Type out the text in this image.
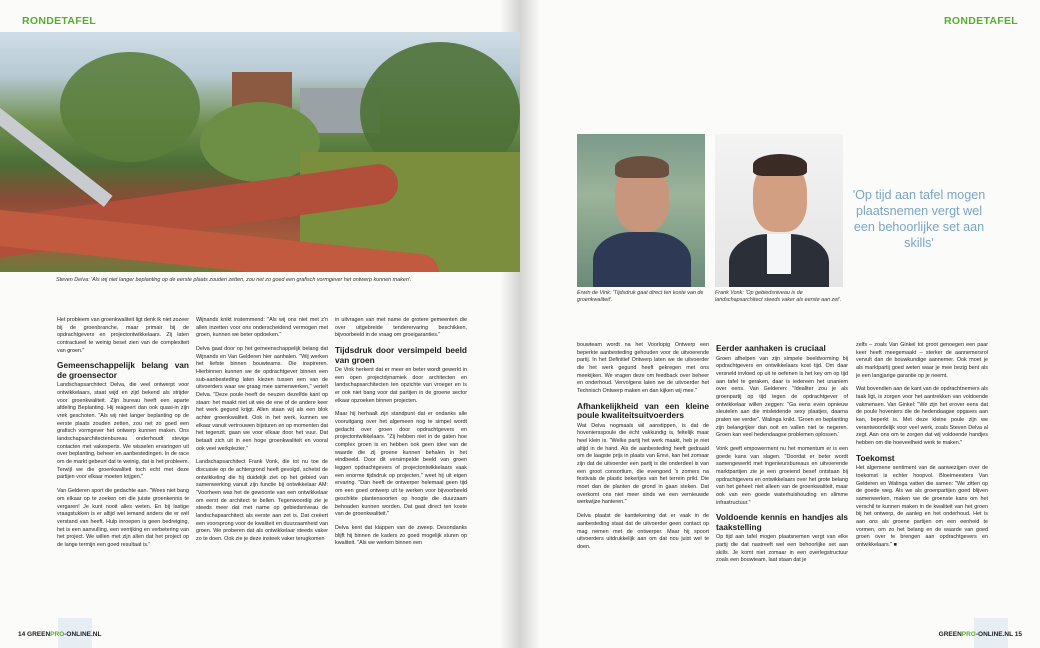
RONDETAFEL
Steven Delva: 'Als wij niet langer beplanting op de eerste plaats zouden zetten, zou net zo goed een grafisch vormgever het ontwerp kunnen maken'.

Het probleem van groenkwaliteit ligt denk ik niet zozeer bij de groenbranche, maar primair bij de opdrachtgevers en projectontwikkelaars. Zij laten contractueel te weinig beset zien van de complexiteit van groen."

Gemeenschappelijk belang van de groensector

Landschapsarchitect Delva, die veel ontwerpt voor ontwikkelaars, staat wijd en zijd bekend als strijder voor groenkwaliteit. Zijn bureau heeft een aparte afdeling Beplanting. Hij reageert dan ook quasi-in zijn vrek geschoten. "Als wij niet langer beplanting op de eerste plaats zouden zetten, zou net zo goed een grafisch vormgever het ontwerp kunnen maken. Ons landschapsarchitectenbureau onderhoudt stevige contacten met vakexperts. We wisselen ervaringen uit over beplanting, beheer en aanbestedingen. In de race om de markt gebeurt dat te weinig, dat is het probleem. Terwijl we die groenkwaliteit toch echt met deze partijen voor elkaar moeten krijgen."

Van Gelderen sport die gedachte aan. "Wees niet bang om elkaar op te zoeken om die juiste groenkennis te vergaren! Je kunt nooit alles weten. En bij lastige vraagstukken is er altijd wel iemand anders die er wél verstand van heeft. Hulp inroepen is geen bedreiging, het is een aanvulling, een verrijking en verbetering van het project. We willen met zijn allen dat het project op de lange termijn een goed resultaat is."

Wijnands knikt instemmend: "Als wij ons niet met z'n allen inzetten voor ons onderscheidend vermogen met groen, kunnen we beter opdoeken."

Delva gaat door op het gemeenschappelijk belang dat Wijnands en Van Gelderen hier aanhalen. "Wij werken het liefste binnen bouwteams. Die inspireren. Hierbinnen kunnen we de opdrachtgever binnen een sub-aanbesteding laten kiezen tussen een van de uitvoerders waar we graag mee samenwerken," vertelt Delva. "Deze poule heeft de neuzen dezelfde kant op staan: het maakt niet uit wie de ene of de andere keer het werk gegund krijgt. Allen staan wij als een blok achter groenkwaliteit. Ook in het werk, kunnen we elkaar vanuit vertrouwen bijsturen en op momenten dat het tegenzit, gaan we voor elkaar door het vuur. Dat betaalt zich uit in een hoge groenkwaliteit en vooral ook veel werkplezier."

Landschapsarchitect Frank Vonk, die tot nu toe de discussie op de achtergrond heeft gevolgd, schetst de ontwikkeling die hij duidelijk ziet op het gebied van samenwerking vanuit zijn functie bij ontwikkelaar AM: "Voorheen was het de gewoonte van een ontwikkelaar om eerst de architect te bellen. Tegenwoordig zie je steeds meer dat met name op gebiedsniveau de landschapsarchitect als eerste aan zet is. Dat creëert een voorsprong voor de kwaliteit en duurzaamheid van groen. We proberen dat als ontwikkelaar steeds vaker zo te doen. Ook zie je deze insteek vaker terugkomen

in uitvragen van met name de grotere gemeenten die over uitgebreide tenderervaring beschikken, bijvoorbeeld in de vraag om groeigaranties."

Tijdsdruk door versimpeld beeld van groen

De Vink herkent dat er meer en beter wordt gewerkt in een open projectdynamiek door architecten en landschapsarchitecten ten opzichte van vroeger en is er ook niet bang voor dat partijen in de groene sector elkaar opzoeken binnen projecten.

Maar hij herhaalt zijn standpunt dat er ondanks alle vooruitgang over het algemeen nog te simpel wordt gedacht over groen door opdrachtgevers en projectontwikkelaars. "Zij hebben niet in de gaten hoe complex groen is en hebben ook geen idee van de waarde die zij groene kunnen behalen in het eindbeeld. Door dit versimpelde beeld van groen leggen opdrachtgevers of projectontwikkelaars vaak een enorme tijdsdruk op projecten," weet hij uit eigen ervaring. "Dan heeft de ontwerper helemaal geen tijd om een goed ontwerp uit te werken voor bijvoorbeeld geschikte plantensoorten op hoogte die duurzaam behoaden kunnen worden. Dat gaat direct ten koste van de groenkwaliteit."

Delva kent dat klappen van de zweep. Desondanks blijft hij binnen de kaders zo goed mogelijk sturen op kwaliteit. "Als we werken binnen een

14 GREENPRO-ONLINE.NL
RONDETAFEL
Erwin de Vink: 'Tijdsdruk gaat direct ten koste van de groenkwaliteit'.
Frank Vonk: 'Op gebiedsniveau is de landschapsarchitect steeds vaker als eerste aan zet'.
'Op tijd aan tafel mogen plaatsnemen vergt wel een behoorlijke set aan skills'

bouwteam wordt na het Voorlopig Ontwerp een beperkte aanbesteding gehouden voor de uitvoerende partij. In het Definitief Ontwerp laten we de uitvoerder die het werk gegund heeft gekregen met ons meekijken. We vragen deze om feedback over beheer en onderhoud. Vervolgens laten we de uitvoerder het Technisch Ontwerp maken en dan kijken wij mee."

Afhankelijkheid van een kleine poule kwaliteitsuitvoerders

Wat Delva nogmaals wil aanstippen, is dat de hoveniersspoule die écht vakkundig is, feitelijk maar heel klein is. "Welke partij het werk maakt, heb je niet altijd in de hand. Als de aanbesteding heeft gedraaid om de laagste prijs in plaats van Emvi, kan het zomaar zijn dat de uitvoerder een partij is die onderdeel is van een groot consortium, die evengoed 's zomers na festivals de plastic bekertjes van het terrein prikt. Die moet dan de planten de grond in gaan steken. Dat overkomt ons niet meer sinds we een vernieuwde werkwijze hanteren."

Delva plaatst de kanttekening dat er vaak in de aanbesteding staat dat de uitvoerder geen contact op mag nemen met de ontwerper. Maar hij spoort uitvoerders uitdrukkelijk aan om dat nou juist wel te doen.

Eerder aanhaken is cruciaal

Groen afhelpen van zijn simpele beeldvorming bij opdrachtgevers en ontwikkelaars kost tijd. Om daar versneld invloed op uit te oefenen is het key om op tijd aan tafel te geraken, daar is iedereen het unaniem over eens. Van Gelderen: "Idealiter zou je als groenpartij op tijd tegen de opdrachtgever of ontwikkelaar willen zeggen: "Ga eens even opnieuw sleutelen aan die misleidende sexy plaatjes, daarna praten we verder". Walinga knikt. 'Groen en beplanting zijn belangrijker dan ooit en vallen niet te negeren. Groen kan veel hedendaagse problemen oplossen.'

Vonk geeft empowerment nu het momentum er is een goede kans van slagen. "Doordat er beter wordt samengewerkt met ingenieursbureaus en uitvoerende marktpartijen zie je een groeiend besef ontstaan bij opdrachtgevers en ontwikkelaars over het grote belang van het geheel: niet alleen van de groenkwaliteit, maar ook van een goede waterhuishouding en slimme infrastructuur."

Voldoende kennis en handjes als taakstelling

Op tijd aan tafel mogen plaatsnemen vergt van elke partij die dat nastreeft wel een behoorlijke set aan skills. Je komt niet zomaar in een overlegstructuur zoals een bouwteam, laat staan dat je

zelfs – zoals Van Ginkel tot groot genoegen een paar keer heeft meegemaakt – sterker de aannemersrol vervult dan de bouwkundige aannemer. Ook moet je als marktpartij goed weten waar je mee bezig bent als je een langjarige garantie op je neemt.

Wat bovendien aan de kant van de opdrachtnemers als taak ligt, is zorgen voor het aantrekken van voldoende vakmensen. Van Ginkel: "We zijn het erover eens dat de poule hoveniers die de hedendaagse opgaves aan kan, beperkt is. Met deze kleine poule zijn we verantwoordelijk voor veel werk, zoals Steven Delva al zegt. Aan ons om te zorgen dat wij voldoende handjes hebben om die hoeveelheid werk te maken."

Toekomst

Het algemene sentiment van de aanwezigen over de toekomst is echter hoopvol. Bloeimeesters Van Gelderen en Walinga vatten die samen: "We zitten op de goede weg. Als we als groenpartijen goed blijven samenwerken, maken we de groenste kans om het verschil te kunnen maken in de kwaliteit van het groen bij het ontwerp, de aanleg en het onderhoud. Het is aan ons als groene partijen om een eenheid te vormen, om zo het belang en de waarde van goed groen over te brengen aan opdrachtgevers en ontwikkelaars." ■

GREENPRO-ONLINE.NL 15
